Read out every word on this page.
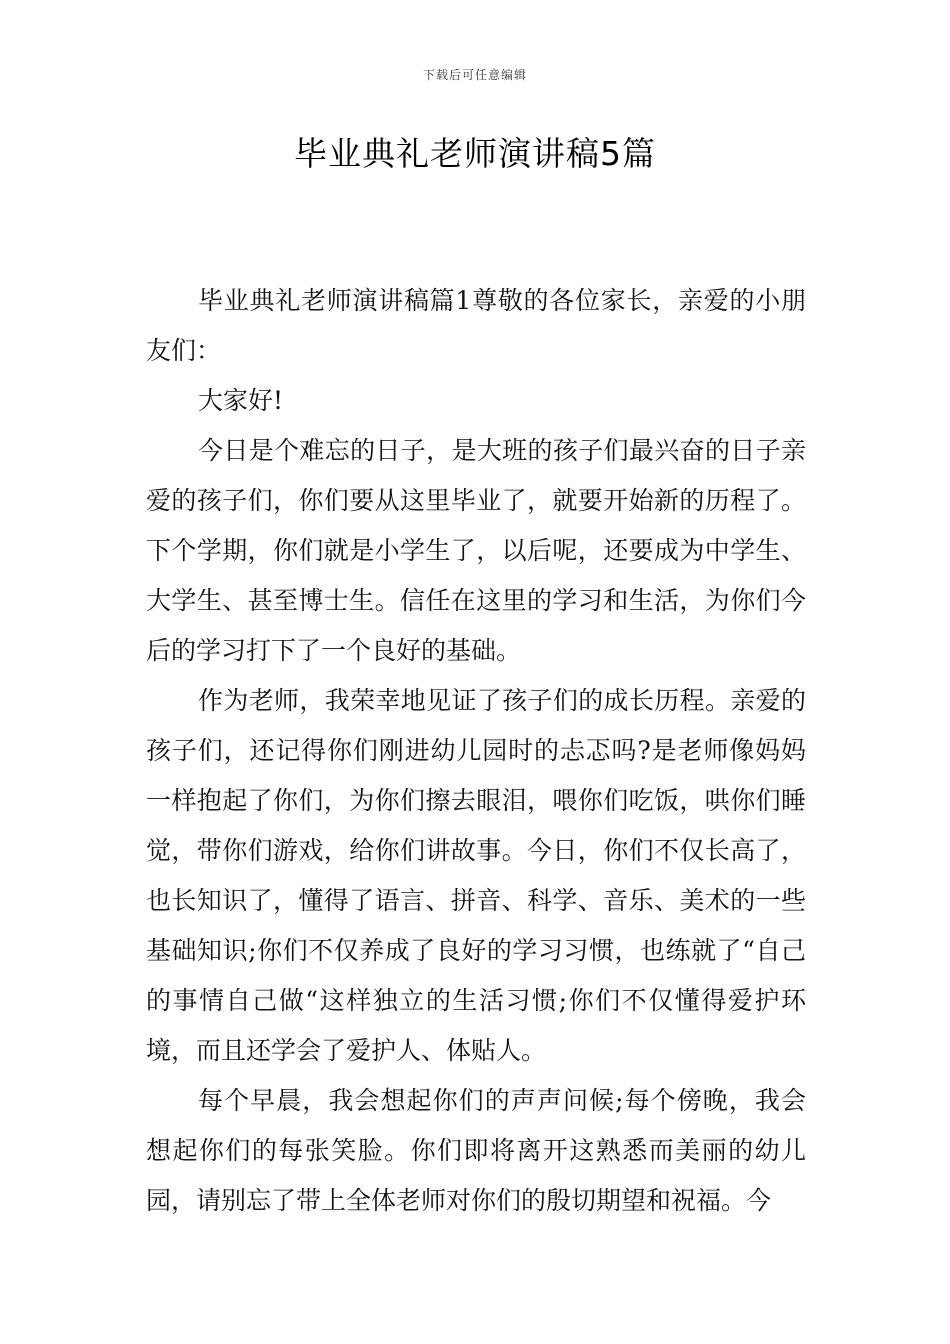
下载后可任意编辑
毕业典礼老师演讲稿5篇

毕业典礼老师演讲稿篇1尊敬的各位家长，亲爱的小朋友们：

大家好!

今日是个难忘的日子，是大班的孩子们最兴奋的日子亲爱的孩子们，你们要从这里毕业了，就要开始新的历程了。下个学期，你们就是小学生了，以后呢，还要成为中学生、大学生、甚至博士生。信任在这里的学习和生活，为你们今后的学习打下了一个良好的基础。

作为老师，我荣幸地见证了孩子们的成长历程。亲爱的孩子们，还记得你们刚进幼儿园时的忐忑吗?是老师像妈妈一样抱起了你们，为你们擦去眼泪，喂你们吃饭，哄你们睡觉，带你们游戏，给你们讲故事。今日，你们不仅长高了，也长知识了，懂得了语言、拼音、科学、音乐、美术的一些基础知识;你们不仅养成了良好的学习习惯，也练就了“自己的事情自己做“这样独立的生活习惯;你们不仅懂得爱护环境，而且还学会了爱护人、体贴人。

每个早晨，我会想起你们的声声问候;每个傍晚，我会想起你们的每张笑脸。你们即将离开这熟悉而美丽的幼儿园，请别忘了带上全体老师对你们的殷切期望和祝福。今
